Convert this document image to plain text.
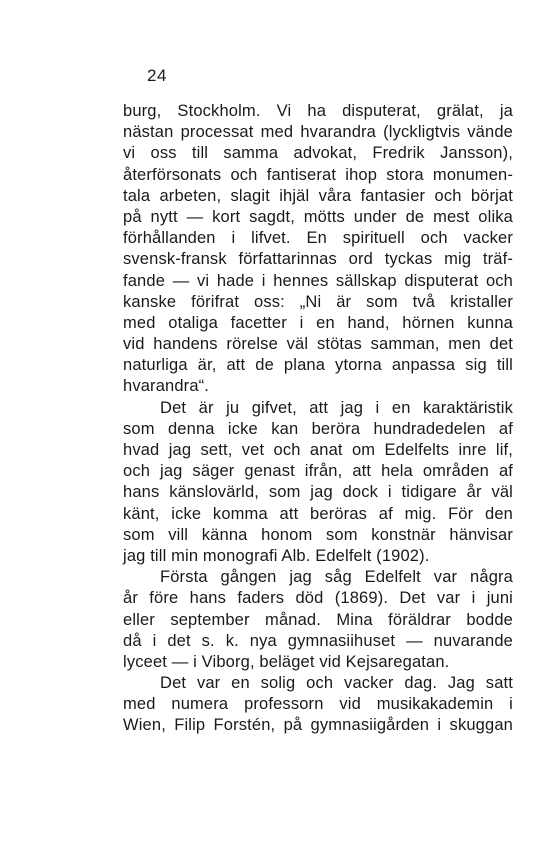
24
burg, Stockholm. Vi ha disputerat, grälat, ja
nästan processat med hvarandra (lyckligtvis vände
vi oss till samma advokat, Fredrik Jansson),
återförsonats och fantiserat ihop stora monumen-
tala arbeten, slagit ihjäl våra fantasier och börjat
på nytt — kort sagdt, mötts under de mest olika
förhållanden i lifvet. En spirituell och vacker
svensk-fransk författarinnas ord tyckas mig träf-
fande — vi hade i hennes sällskap disputerat och
kanske förifrat oss: „Ni är som två kristaller
med otaliga facetter i en hand, hörnen kunna
vid handens rörelse väl stötas samman, men det
naturliga är, att de plana ytorna anpassa sig till
hvarandra“.
Det är ju gifvet, att jag i en karaktäristik
som denna icke kan beröra hundradedelen af
hvad jag sett, vet och anat om Edelfelts inre lif,
och jag säger genast ifrån, att hela områden af
hans känslovärld, som jag dock i tidigare år väl
känt, icke komma att beröras af mig. För den
som vill känna honom som konstnär hänvisar
jag till min monografi Alb. Edelfelt (1902).
Första gången jag såg Edelfelt var några
år före hans faders död (1869). Det var i juni
eller september månad. Mina föräldrar bodde
då i det s. k. nya gymnasiihuset — nuvarande
lyceet — i Viborg, beläget vid Kejsaregatan.
Det var en solig och vacker dag. Jag satt
med numera professorn vid musikakademin i
Wien, Filip Forstén, på gymnasiigården i skuggan
